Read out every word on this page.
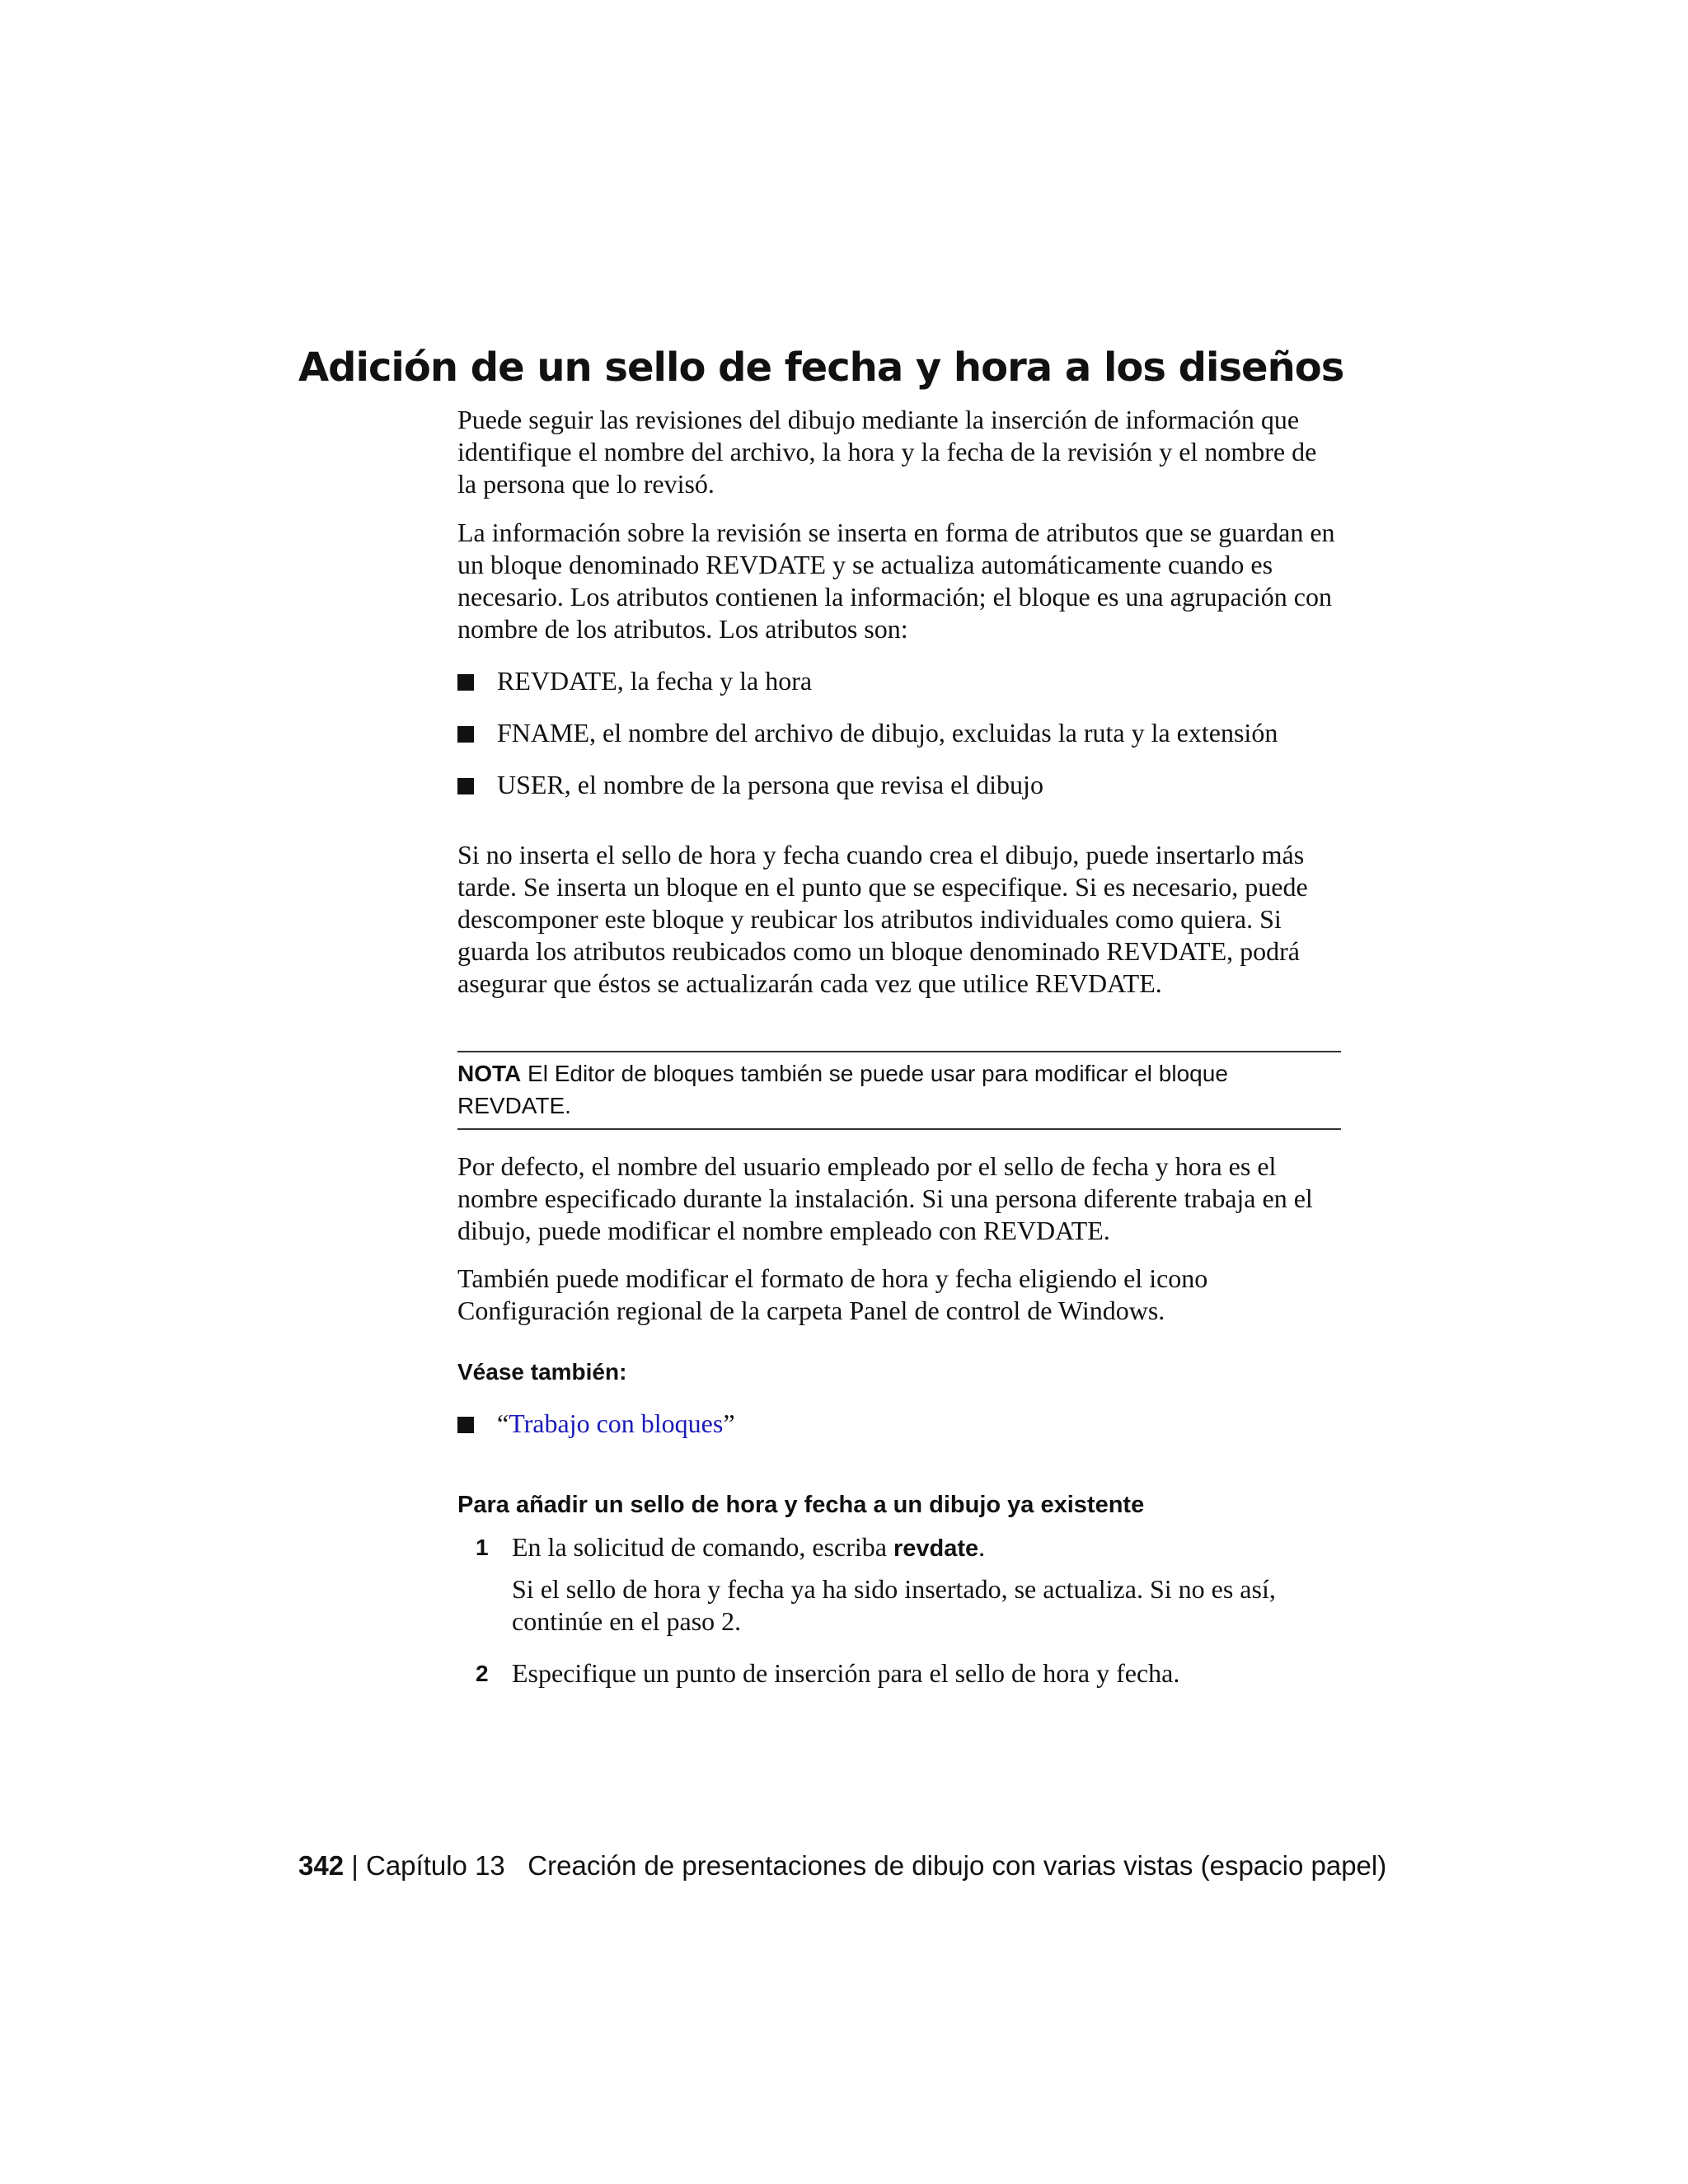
Adición de un sello de fecha y hora a los diseños

Puede seguir las revisiones del dibujo mediante la inserción de información que identifique el nombre del archivo, la hora y la fecha de la revisión y el nombre de la persona que lo revisó.

La información sobre la revisión se inserta en forma de atributos que se guardan en un bloque denominado REVDATE y se actualiza automáticamente cuando es necesario. Los atributos contienen la información; el bloque es una agrupación con nombre de los atributos. Los atributos son:

REVDATE, la fecha y la hora
FNAME, el nombre del archivo de dibujo, excluidas la ruta y la extensión
USER, el nombre de la persona que revisa el dibujo

Si no inserta el sello de hora y fecha cuando crea el dibujo, puede insertarlo más tarde. Se inserta un bloque en el punto que se especifique. Si es necesario, puede descomponer este bloque y reubicar los atributos individuales como quiera. Si guarda los atributos reubicados como un bloque denominado REVDATE, podrá asegurar que éstos se actualizarán cada vez que utilice REVDATE.

NOTA El Editor de bloques también se puede usar para modificar el bloque REVDATE.

Por defecto, el nombre del usuario empleado por el sello de fecha y hora es el nombre especificado durante la instalación. Si una persona diferente trabaja en el dibujo, puede modificar el nombre empleado con REVDATE.

También puede modificar el formato de hora y fecha eligiendo el icono Configuración regional de la carpeta Panel de control de Windows.

Véase también:

“Trabajo con bloques”

Para añadir un sello de hora y fecha a un dibujo ya existente

1 En la solicitud de comando, escriba revdate.
Si el sello de hora y fecha ya ha sido insertado, se actualiza. Si no es así, continúe en el paso 2.
2 Especifique un punto de inserción para el sello de hora y fecha.
342 | Capítulo 13 Creación de presentaciones de dibujo con varias vistas (espacio papel)
